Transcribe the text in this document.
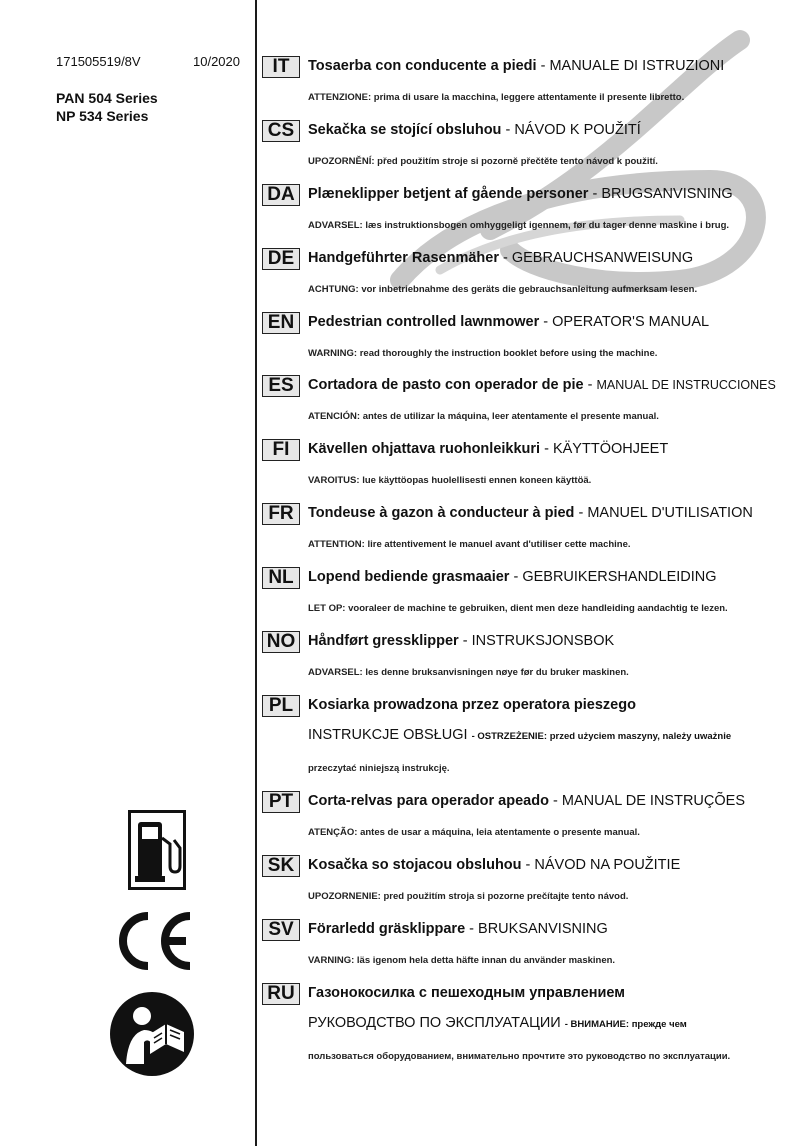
171505519/8V	10/2020
PAN 504 Series
NP 534 Series
IT	Tosaerba con conducente a piedi - MANUALE DI ISTRUZIONI
ATTENZIONE: prima di usare la macchina, leggere attentamente il presente libretto.
CS Sekačka se stojící obsluhou - NÁVOD K POUŽITÍ
UPOZORNĚNÍ: před použitím stroje si pozorně přečtěte tento návod k použití.
DA Plæneklipper betjent af gående personer - BRUGSANVISNING
ADVARSEL: læs instruktionsbogen omhyggeligt igennem, før du tager denne maskine i brug.
DE Handgeführter Rasenmäher - GEBRAUCHSANWEISUNG
ACHTUNG: vor inbetriebnahme des geräts die gebrauchsanleitung aufmerksam lesen.
EN Pedestrian controlled lawnmower - OPERATOR'S MANUAL
WARNING: read thoroughly the instruction booklet before using the machine.
ES Cortadora de pasto con operador de pie - MANUAL DE INSTRUCCIONES
ATENCIÓN: antes de utilizar la máquina, leer atentamente el presente manual.
FI	Kävellen ohjattava ruohonleikkuri - KÄYTTÖOHJEET
VAROITUS: lue käyttöopas huolellisesti ennen koneen käyttöä.
FR Tondeuse à gazon à conducteur à pied - MANUEL D'UTILISATION
ATTENTION: lire attentivement le manuel avant d'utiliser cette machine.
NL Lopend bediende grasmaaier - GEBRUIKERSHANDLEIDING
LET OP: vooraleer de machine te gebruiken, dient men deze handleiding aandachtig te lezen.
NO Håndført gressklipper - INSTRUKSJONSBOK
ADVARSEL: les denne bruksanvisningen nøye før du bruker maskinen.
PL	Kosiarka prowadzona przez operatora pieszego
INSTRUKCJE OBSŁUGI - OSTRZEŻENIE: przed użyciem maszyny, należy uważnie
przeczytać niniejszą instrukcję.
PT	Corta-relvas para operador apeado - MANUAL DE INSTRUÇÕES
ATENÇÃO: antes de usar a máquina, leia atentamente o presente manual.
SK Kosačka so stojacou obsluhou - NÁVOD NA POUŽITIE
UPOZORNENIE: pred použitím stroja si pozorne prečítajte tento návod.
SV Förarledd gräsklippare - BRUKSANVISNING
VARNING: läs igenom hela detta häfte innan du använder maskinen.
RU Газонокосилка с пешеходным управлением
РУКОВОДСТВО ПО ЭКСПЛУАТАЦИИ - ВНИМАНИЕ: прежде чем
пользоваться оборудованием, внимательно прочтите это руководство по эксплуатации.
